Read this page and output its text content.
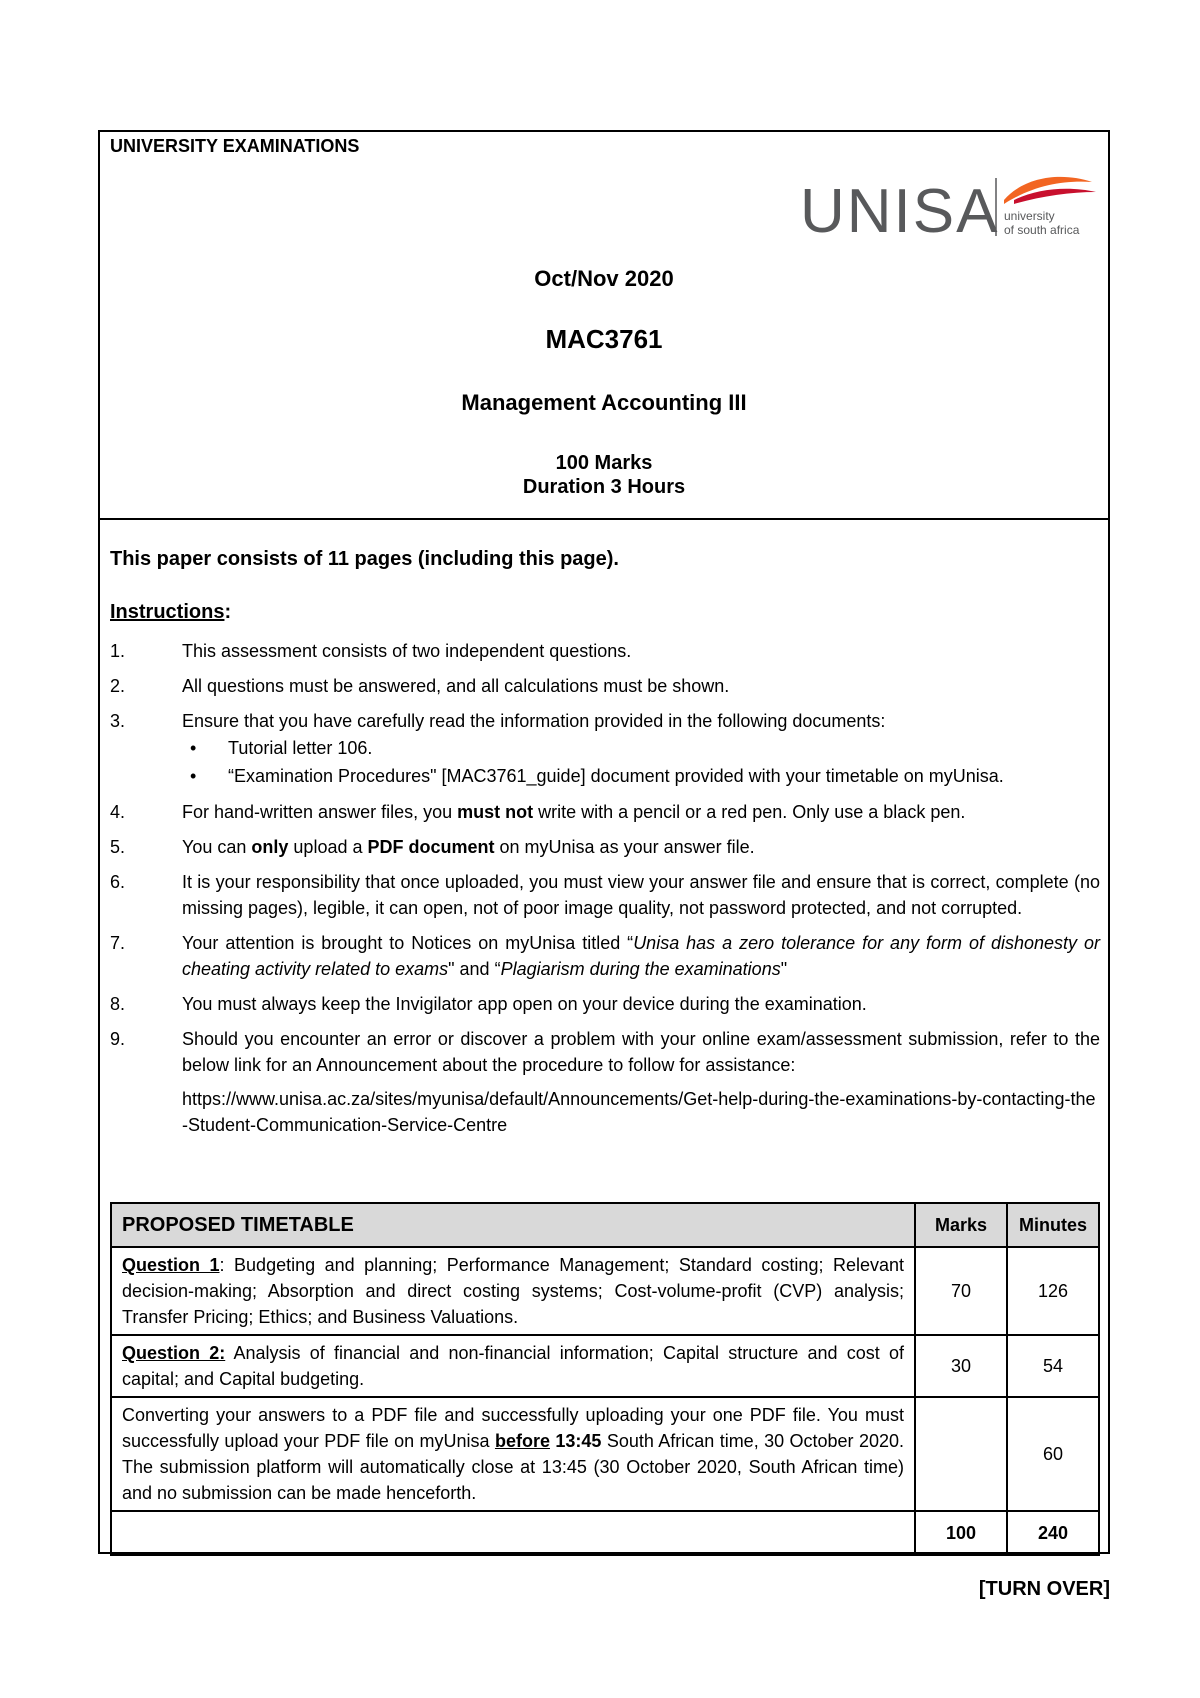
UNIVERSITY EXAMINATIONS
UNISA university
of south africa
Oct/Nov 2020
MAC3761
Management Accounting III
100 Marks
Duration 3 Hours
This paper consists of 11 pages (including this page).
Instructions:
1.	This assessment consists of two independent questions.
2.	All questions must be answered, and all calculations must be shown.
3.	Ensure that you have carefully read the information provided in the following documents:
• Tutorial letter 106.
• “Examination Procedures" [MAC3761_guide] document provided with your timetable on myUnisa.
4.	For hand-written answer files, you must not write with a pencil or a red pen. Only use a black pen.
5.	You can only upload a PDF document on myUnisa as your answer file.
6.	It is your responsibility that once uploaded, you must view your answer file and ensure that is correct, complete (no missing pages), legible, it can open, not of poor image quality, not password protected, and not corrupted.
7.	Your attention is brought to Notices on myUnisa titled “Unisa has a zero tolerance for any form of dishonesty or cheating activity related to exams" and “Plagiarism during the examinations"
8.	You must always keep the Invigilator app open on your device during the examination.
9.	Should you encounter an error or discover a problem with your online exam/assessment submission, refer to the below link for an Announcement about the procedure to follow for assistance:
https://www.unisa.ac.za/sites/myunisa/default/Announcements/Get-help-during-the-examinations-by-contacting-the-Student-Communication-Service-Centre
PROPOSED TIMETABLE	Marks	Minutes
Question 1: Budgeting and planning; Performance Management; Standard costing; Relevant decision-making; Absorption and direct costing systems; Cost-volume-profit (CVP) analysis; Transfer Pricing; Ethics; and Business Valuations.	70	126
Question 2: Analysis of financial and non-financial information; Capital structure and cost of capital; and Capital budgeting.	30	54
Converting your answers to a PDF file and successfully uploading your one PDF file. You must successfully upload your PDF file on myUnisa before 13:45 South African time, 30 October 2020. The submission platform will automatically close at 13:45 (30 October 2020, South African time) and no submission can be made henceforth.		60
	100	240
[TURN OVER]
